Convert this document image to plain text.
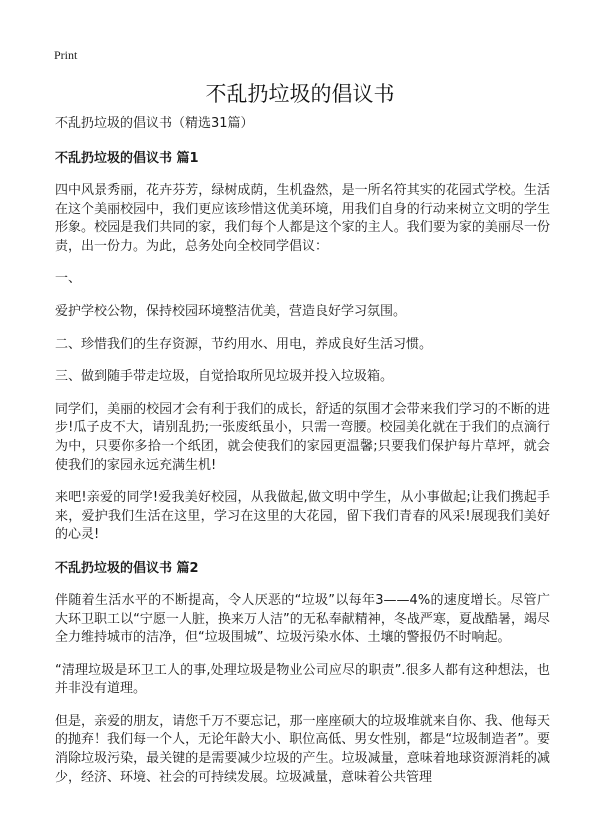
Print
不乱扔垃圾的倡议书

不乱扔垃圾的倡议书（精选31篇）

不乱扔垃圾的倡议书 篇1

四中风景秀丽，花卉芬芳，绿树成荫，生机盎然，是一所名符其实的花园式学校。生活在这个美丽校园中，我们更应该珍惜这优美环境，用我们自身的行动来树立文明的学生形象。校园是我们共同的家，我们每个人都是这个家的主人。我们要为家的美丽尽一份责，出一份力。为此，总务处向全校同学倡议：

一、

爱护学校公物，保持校园环境整洁优美，营造良好学习氛围。

二、珍惜我们的生存资源，节约用水、用电，养成良好生活习惯。

三、做到随手带走垃圾，自觉拾取所见垃圾并投入垃圾箱。

同学们，美丽的校园才会有利于我们的成长，舒适的氛围才会带来我们学习的不断的进步!瓜子皮不大，请别乱扔;一张废纸虽小，只需一弯腰。校园美化就在于我们的点滴行为中，只要你多拾一个纸团，就会使我们的家园更温馨;只要我们保护每片草坪，就会使我们的家园永远充满生机!

来吧!亲爱的同学!爱我美好校园，从我做起,做文明中学生，从小事做起;让我们携起手来，爱护我们生活在这里，学习在这里的大花园，留下我们青春的风采!展现我们美好的心灵!

不乱扔垃圾的倡议书 篇2

伴随着生活水平的不断提高，令人厌恶的“垃圾”以每年3——4%的速度增长。尽管广大环卫职工以“宁愿一人脏，换来万人洁”的无私奉献精神，冬战严寒，夏战酷暑，竭尽全力维持城市的洁净，但“垃圾围城”、垃圾污染水体、土壤的警报仍不时响起。

“清理垃圾是环卫工人的事,处理垃圾是物业公司应尽的职责”.很多人都有这种想法，也并非没有道理。

但是，亲爱的朋友，请您千万不要忘记，那一座座硕大的垃圾堆就来自你、我、他每天的抛弃！我们每一个人，无论年龄大小、职位高低、男女性别，都是“垃圾制造者”。要消除垃圾污染，最关键的是需要减少垃圾的产生。垃圾减量，意味着地球资源消耗的减少，经济、环境、社会的可持续发展。垃圾减量，意味着公共管理
